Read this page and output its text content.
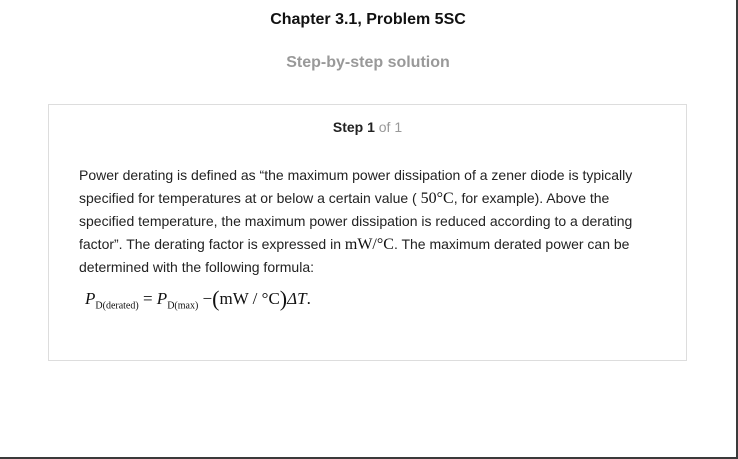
Chapter 3.1, Problem 5SC
Step-by-step solution
Step 1 of 1
Power derating is defined as “the maximum power dissipation of a zener diode is typically specified for temperatures at or below a certain value ( 50°C, for example). Above the specified temperature, the maximum power dissipation is reduced according to a derating factor”. The derating factor is expressed in mW/°C. The maximum derated power can be determined with the following formula:
$P_{D(derated)} = P_{D(max)} -(mW / ^\circ C)\Delta T$.
